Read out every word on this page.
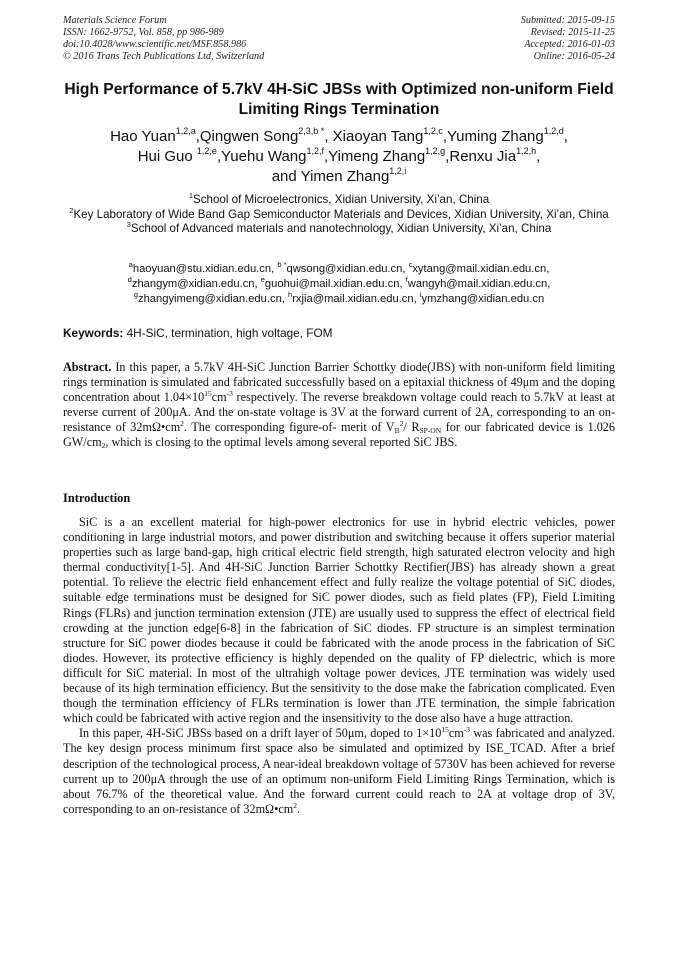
Materials Science Forum
ISSN: 1662-9752, Vol. 858, pp 986-989
doi:10.4028/www.scientific.net/MSF.858.986
© 2016 Trans Tech Publications Ltd, Switzerland
Submitted: 2015-09-15
Revised: 2015-11-25
Accepted: 2016-01-03
Online: 2016-05-24
High Performance of 5.7kV 4H-SiC JBSs with Optimized non-uniform Field Limiting Rings Termination
Hao Yuan$^{1,2,a}$,Qingwen Song$^{2,3,b *}$, Xiaoyan Tang$^{1,2,c}$,Yuming Zhang$^{1,2,d}$,
Hui Guo $^{1,2,e}$,Yuehu Wang$^{1,2,f}$,Yimeng Zhang$^{1,2,g}$,Renxu Jia$^{1,2,h}$,
and Yimen Zhang$^{1,2,i}$
$^1$School of Microelectronics, Xidian University, Xi’an, China
$^2$Key Laboratory of Wide Band Gap Semiconductor Materials and Devices, Xidian University, Xi’an, China
$^3$School of Advanced materials and nanotechnology, Xidian University, Xi’an, China
$^a$haoyuan@stu.xidian.edu.cn, $^{b *}$qwsong@xidian.edu.cn, $^c$xytang@mail.xidian.edu.cn,
$^d$zhangym@xidian.edu.cn, $^e$guohui@mail.xidian.edu.cn, $^f$wangyh@mail.xidian.edu.cn,
$^g$zhangyimeng@xidian.edu.cn, $^h$rxjia@mail.xidian.edu.cn, $^i$ymzhang@xidian.edu.cn
Keywords: 4H-SiC, termination, high voltage, FOM

Abstract. In this paper, a 5.7kV 4H-SiC Junction Barrier Schottky diode(JBS) with non-uniform field limiting rings termination is simulated and fabricated successfully based on a epitaxial thickness of 49μm and the doping concentration about $1.04\times 10^{15}cm^{-3}$ respectively. The reverse breakdown voltage could reach to 5.7kV at least at reverse current of 200μA. And the on-state voltage is 3V at the forward current of 2A, corresponding to an on-resistance of $32m\Omega•cm^2$. The corresponding figure-of- merit of $V_B^2/$ $R_{SP-ON}$ for our fabricated device is 1.026 $GW/cm_2$, which is closing to the optimal levels among several reported SiC JBS.

Introduction

SiC is a an excellent material for high-power electronics for use in hybrid electric vehicles, power conditioning in large industrial motors, and power distribution and switching because it offers superior material properties such as large band-gap, high critical electric field strength, high saturated electron velocity and high thermal conductivity[1-5]. And 4H-SiC Junction Barrier Schottky Rectifier(JBS) has already shown a great potential. To relieve the electric field enhancement effect and fully realize the voltage potential of SiC diodes, suitable edge terminations must be designed for SiC power diodes, such as field plates (FP), Field Limiting Rings (FLRs) and junction termination extension (JTE) are usually used to suppress the effect of electrical field crowding at the junction edge[6-8] in the fabrication of SiC diodes. FP structure is an simplest termination structure for SiC power diodes because it could be fabricated with the anode process in the fabrication of SiC diodes. However, its protective efficiency is highly depended on the quality of FP dielectric, which is more difficult for SiC material. In most of the ultrahigh voltage power devices, JTE termination was widely used because of its high termination efficiency. But the sensitivity to the dose make the fabrication complicated. Even though the termination efficiency of FLRs termination is lower than JTE termination, the simple fabrication which could be fabricated with active region and the insensitivity to the dose also have a huge attraction.

In this paper, 4H-SiC JBSs based on a drift layer of 50μm, doped to $1\times 10^{15}cm^{-3}$ was fabricated and analyzed. The key design process minimum first space also be simulated and optimized by ISE_TCAD. After a brief description of the technological process, A near-ideal breakdown voltage of 5730V has been achieved for reverse current up to 200μA through the use of an optimum non-uniform Field Limiting Rings Termination, which is about 76.7% of the theoretical value. And the forward current could reach to 2A at voltage drop of 3V, corresponding to an on-resistance of $32m\Omega•cm^2$.
